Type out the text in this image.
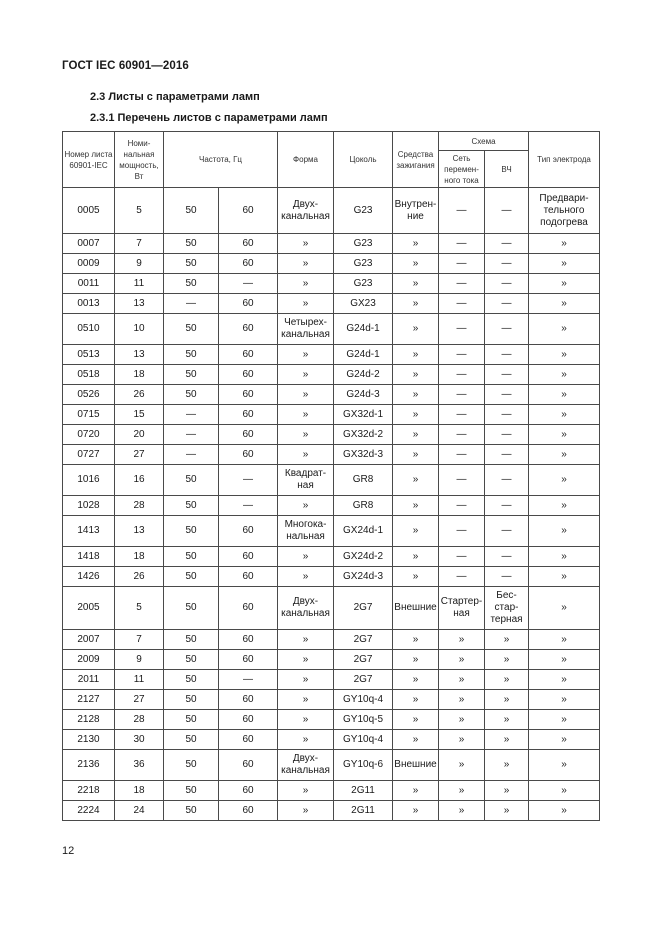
ГОСТ IEC 60901—2016
2.3 Листы с параметрами ламп
2.3.1 Перечень листов с параметрами ламп
Номер листа 60901-IEC	Номи-нальная мощность, Вт	Частота, Гц		Форма	Цоколь	Средства зажигания	Схема		Тип электрода
							Сеть перемен-ного тока	ВЧ	
0005	5	50	60	Двух-канальная	G23	Внутрен-ние	—	—	Предвари-тельного подогрева
0007	7	50	60	»	G23	»	—	—	»
0009	9	50	60	»	G23	»	—	—	»
0011	11	50	—	»	G23	»	—	—	»
0013	13	—	60	»	GX23	»	—	—	»
0510	10	50	60	Четырех-канальная	G24d-1	»	—	—	»
0513	13	50	60	»	G24d-1	»	—	—	»
0518	18	50	60	»	G24d-2	»	—	—	»
0526	26	50	60	»	G24d-3	»	—	—	»
0715	15	—	60	»	GX32d-1	»	—	—	»
0720	20	—	60	»	GX32d-2	»	—	—	»
0727	27	—	60	»	GX32d-3	»	—	—	»
1016	16	50	—	Квадрат-ная	GR8	»	—	—	»
1028	28	50	—	»	GR8	»	—	—	»
1413	13	50	60	Многока-нальная	GX24d-1	»	—	—	»
1418	18	50	60	»	GX24d-2	»	—	—	»
1426	26	50	60	»	GX24d-3	»	—	—	»
2005	5	50	60	Двух-канальная	2G7	Внешние	Стартер-ная	Бес-стар-терная	»
2007	7	50	60	»	2G7	»	»	»	»
2009	9	50	60	»	2G7	»	»	»	»
2011	11	50	—	»	2G7	»	»	»	»
2127	27	50	60	»	GY10q-4	»	»	»	»
2128	28	50	60	»	GY10q-5	»	»	»	»
2130	30	50	60	»	GY10q-4	»	»	»	»
2136	36	50	60	Двух-канальная	GY10q-6	Внешние	»	»	»
2218	18	50	60	»	2G11	»	»	»	»
2224	24	50	60	»	2G11	»	»	»	»
12
